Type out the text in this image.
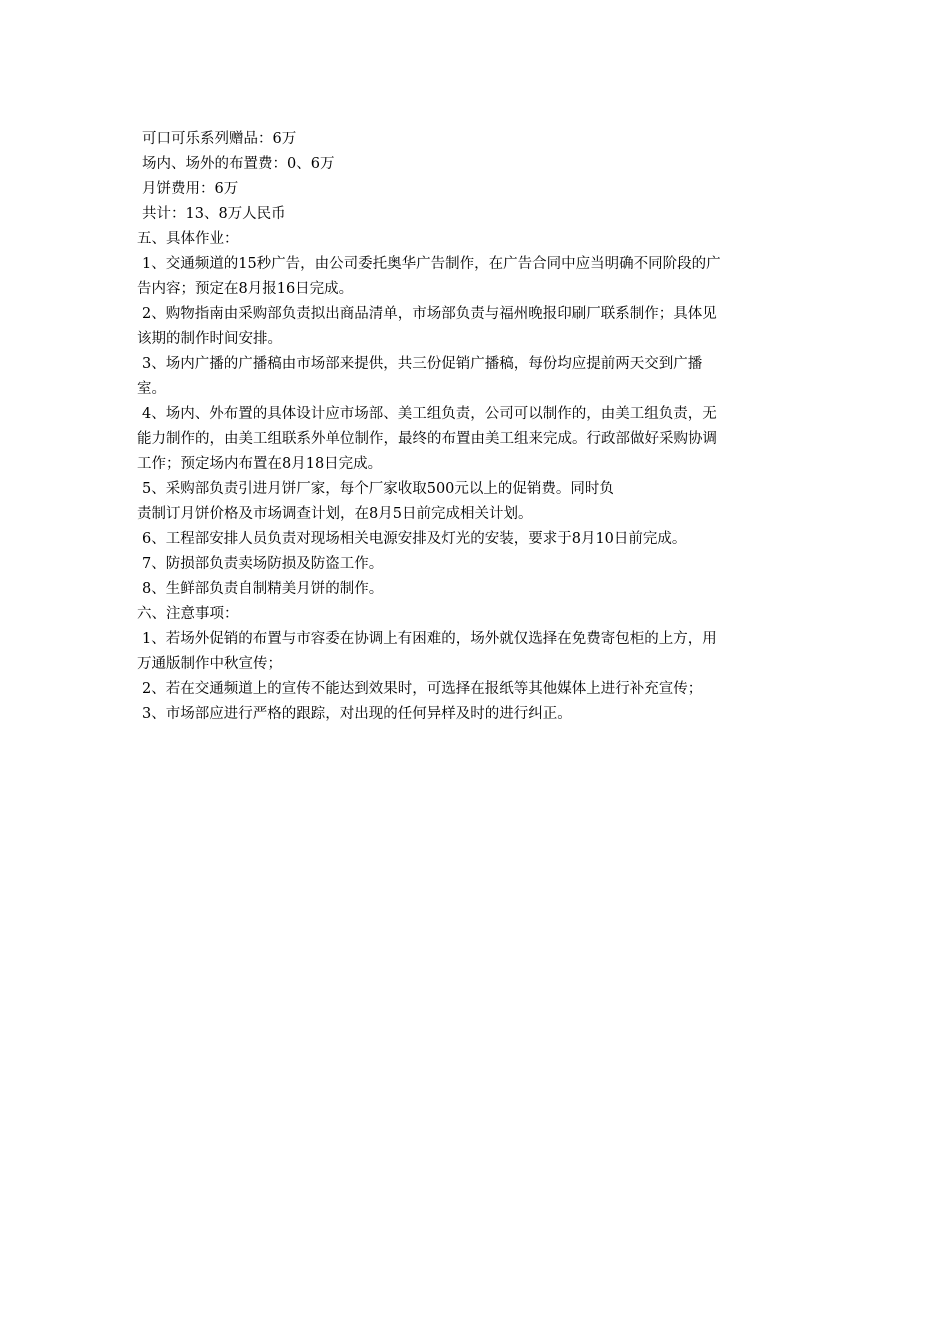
可口可乐系列赠品：6万
场内、场外的布置费：0、6万
月饼费用：6万
共计：13、8万人民币
五、具体作业：
1、交通频道的15秒广告，由公司委托奥华广告制作，在广告合同中应当明确不同阶段的广
告内容；预定在8月报16日完成。
2、购物指南由采购部负责拟出商品清单，市场部负责与福州晚报印刷厂联系制作；具体见
该期的制作时间安排。
3、场内广播的广播稿由市场部来提供，共三份促销广播稿，每份均应提前两天交到广播
室。
4、场内、外布置的具体设计应市场部、美工组负责，公司可以制作的，由美工组负责，无
能力制作的，由美工组联系外单位制作，最终的布置由美工组来完成。行政部做好采购协调
工作；预定场内布置在8月18日完成。
5、采购部负责引进月饼厂家，每个厂家收取500元以上的促销费。同时负
责制订月饼价格及市场调查计划，在8月5日前完成相关计划。
6、工程部安排人员负责对现场相关电源安排及灯光的安装，要求于8月10日前完成。
7、防损部负责卖场防损及防盗工作。
8、生鲜部负责自制精美月饼的制作。
六、注意事项：
1、若场外促销的布置与市容委在协调上有困难的，场外就仅选择在免费寄包柜的上方，用
万通版制作中秋宣传；
2、若在交通频道上的宣传不能达到效果时，可选择在报纸等其他媒体上进行补充宣传；
3、市场部应进行严格的跟踪，对出现的任何异样及时的进行纠正。
